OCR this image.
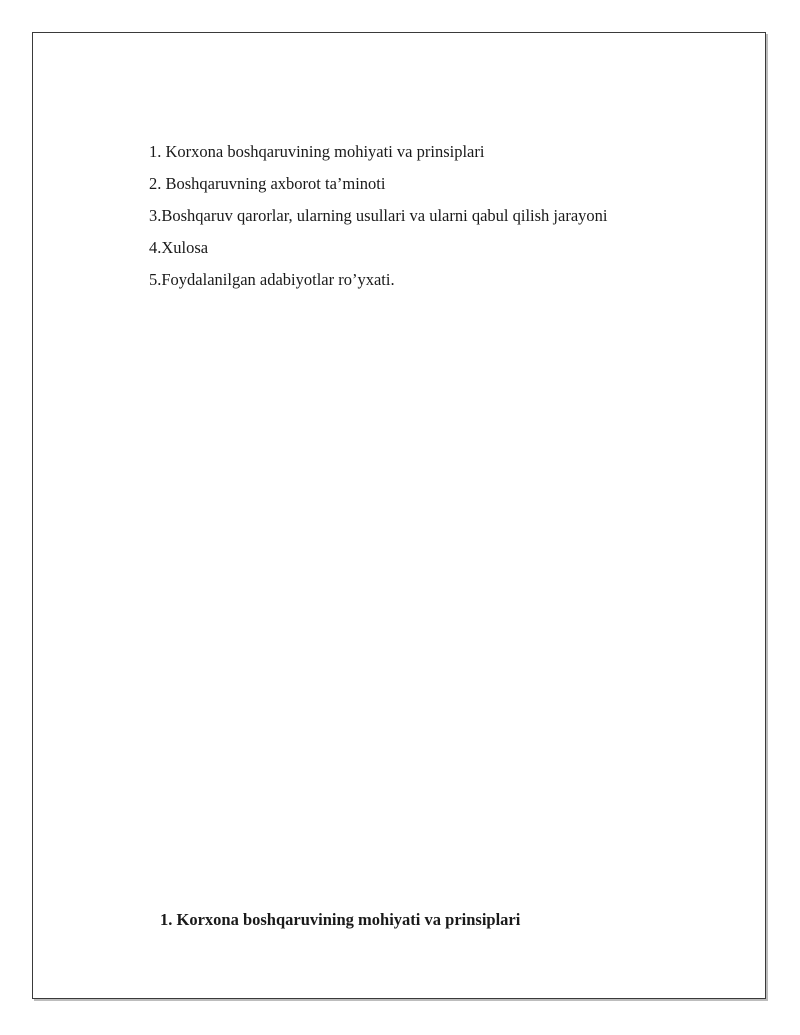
1. Korxona boshqaruvining mohiyati va prinsiplari
2. Boshqaruvning axborot ta’minoti
3.Boshqaruv qarorlar, ularning usullari va ularni qabul qilish jarayoni
4.Xulosa
5.Foydalanilgan adabiyotlar ro’yxati.
1. Korxona boshqaruvining mohiyati va prinsiplari
